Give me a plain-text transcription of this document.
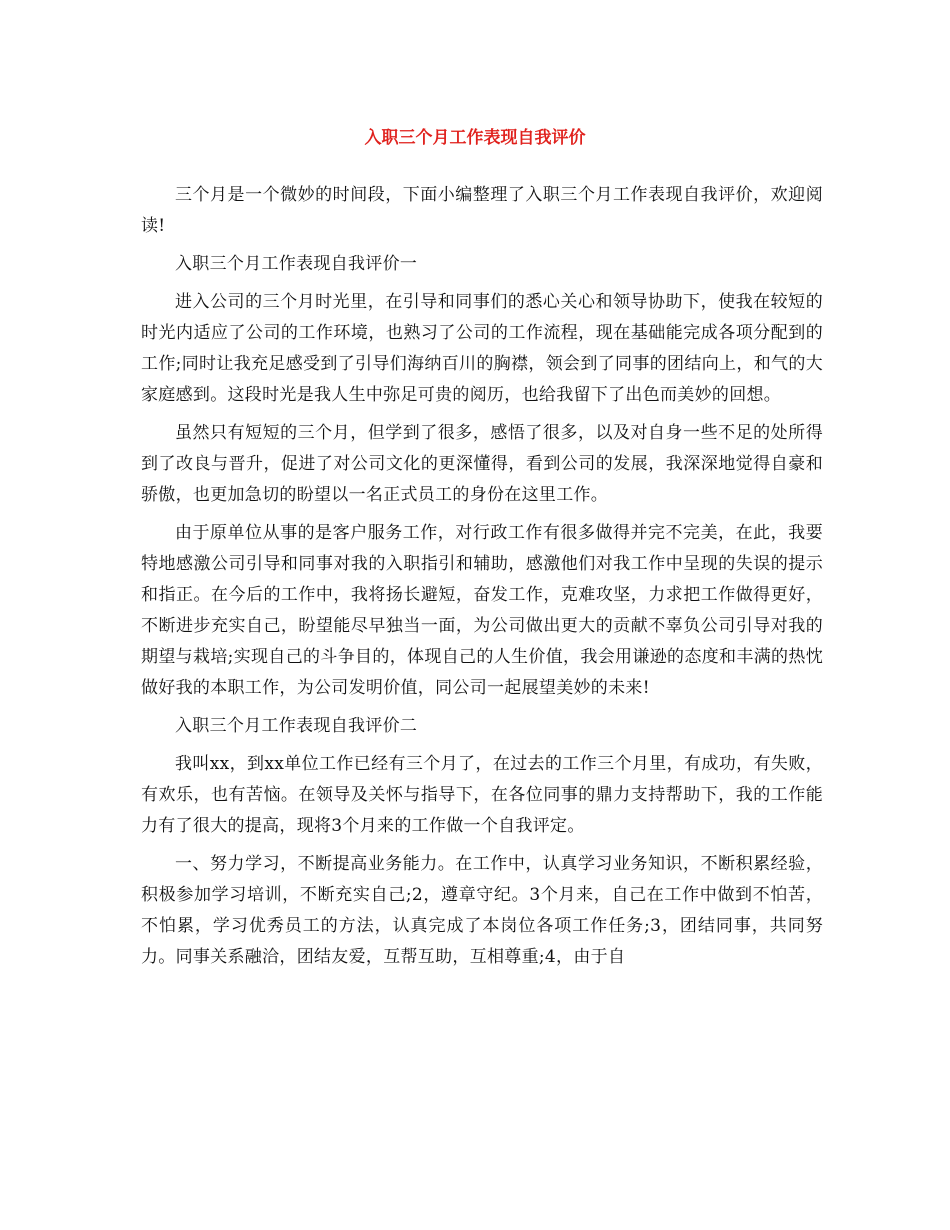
入职三个月工作表现自我评价

三个月是一个微妙的时间段，下面小编整理了入职三个月工作表现自我评价，欢迎阅读!

入职三个月工作表现自我评价一

进入公司的三个月时光里，在引导和同事们的悉心关心和领导协助下，使我在较短的时光内适应了公司的工作环境，也熟习了公司的工作流程，现在基础能完成各项分配到的工作;同时让我充足感受到了引导们海纳百川的胸襟，领会到了同事的团结向上，和气的大家庭感到。这段时光是我人生中弥足可贵的阅历，也给我留下了出色而美妙的回想。

虽然只有短短的三个月，但学到了很多，感悟了很多，以及对自身一些不足的处所得到了改良与晋升，促进了对公司文化的更深懂得，看到公司的发展，我深深地觉得自豪和骄傲，也更加急切的盼望以一名正式员工的身份在这里工作。

由于原单位从事的是客户服务工作，对行政工作有很多做得并完不完美，在此，我要特地感激公司引导和同事对我的入职指引和辅助，感激他们对我工作中呈现的失误的提示和指正。在今后的工作中，我将扬长避短，奋发工作，克难攻坚，力求把工作做得更好，不断进步充实自己，盼望能尽早独当一面，为公司做出更大的贡献不辜负公司引导对我的期望与栽培;实现自己的斗争目的，体现自己的人生价值，我会用谦逊的态度和丰满的热忱做好我的本职工作，为公司发明价值，同公司一起展望美妙的未来!

入职三个月工作表现自我评价二

我叫xx，到xx单位工作已经有三个月了，在过去的工作三个月里，有成功，有失败，有欢乐，也有苦恼。在领导及关怀与指导下，在各位同事的鼎力支持帮助下，我的工作能力有了很大的提高，现将3个月来的工作做一个自我评定。

一、努力学习，不断提高业务能力。在工作中，认真学习业务知识，不断积累经验，积极参加学习培训，不断充实自己;2，遵章守纪。3个月来，自己在工作中做到不怕苦，不怕累，学习优秀员工的方法，认真完成了本岗位各项工作任务;3，团结同事，共同努力。同事关系融洽，团结友爱，互帮互助，互相尊重;4，由于自
